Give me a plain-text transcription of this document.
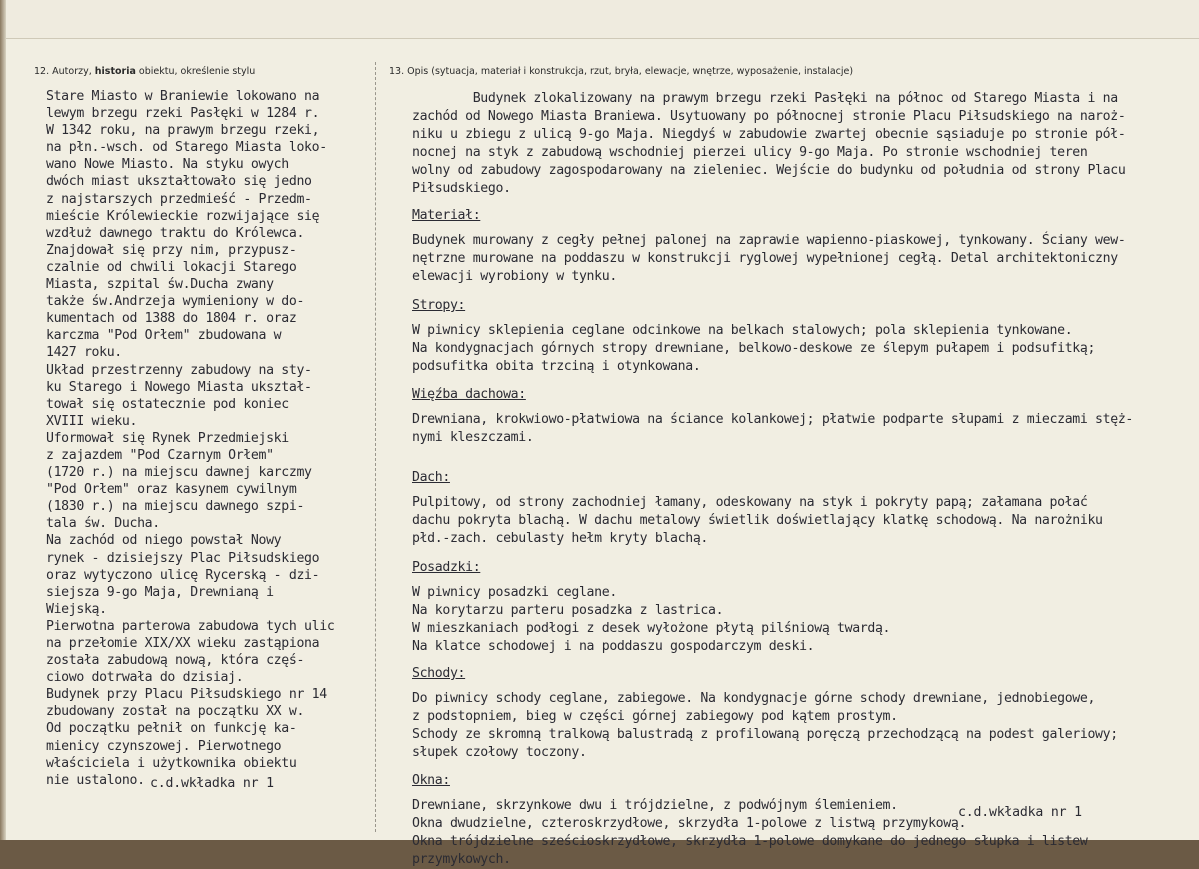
12. Autorzy, historia obiektu, określenie stylu	13. Opis (sytuacja, materiał i konstrukcja, rzut, bryła, elewacje, wnętrze, wyposażenie, instalacje)
Stare Miasto w Braniewie lokowano na
lewym brzegu rzeki Pasłęki w 1284 r.
W 1342 roku, na prawym brzegu rzeki,
na płn.-wsch. od Starego Miasta loko-
wano Nowe Miasto. Na styku owych
dwóch miast ukształtowało się jedno
z najstarszych przedmieść - Przedm-
mieście Królewieckie rozwijające się
wzdłuż dawnego traktu do Królewca.
Znajdował się przy nim, przypusz-
czalnie od chwili lokacji Starego
Miasta, szpital św.Ducha zwany
także św.Andrzeja wymieniony w do-
kumentach od 1388 do 1804 r. oraz
karczma "Pod Orłem" zbudowana w
1427 roku.
Układ przestrzenny zabudowy na sty-
ku Starego i Nowego Miasta ukształ-
tował się ostatecznie pod koniec
XVIII wieku.
Uformował się Rynek Przedmiejski
z zajazdem "Pod Czarnym Orłem"
(1720 r.) na miejscu dawnej karczmy
"Pod Orłem" oraz kasynem cywilnym
(1830 r.) na miejscu dawnego szpi-
tala św. Ducha.
Na zachód od niego powstał Nowy
rynek - dzisiejszy Plac Piłsudskiego
oraz wytyczono ulicę Rycerską - dzi-
siejsza 9-go Maja, Drewnianą i
Wiejską.
Pierwotna parterowa zabudowa tych ulic
na przełomie XIX/XX wieku zastąpiona
została zabudową nową, która częś-
ciowo dotrwała do dzisiaj.
Budynek przy Placu Piłsudskiego nr 14
zbudowany został na początku XX w.
Od początku pełnił on funkcję ka-
mienicy czynszowej. Pierwotnego
właściciela i użytkownika obiektu
nie ustalono. c.d.wkładka nr 1
Budynek zlokalizowany na prawym brzegu rzeki Pasłęki na północ od Starego Miasta i na
zachód od Nowego Miasta Braniewa. Usytuowany po północnej stronie Placu Piłsudskiego na naroż-
niku u zbiegu z ulicą 9-go Maja. Niegdyś w zabudowie zwartej obecnie sąsiaduje po stronie pół-
nocnej na styk z zabudową wschodniej pierzei ulicy 9-go Maja. Po stronie wschodniej teren
wolny od zabudowy zagospodarowany na zieleniec. Wejście do budynku od południa od strony Placu
Piłsudskiego.
Materiał:
Budynek murowany z cegły pełnej palonej na zaprawie wapienno-piaskowej, tynkowany. Ściany wew-
nętrzne murowane na poddaszu w konstrukcji ryglowej wypełnionej cegłą. Detal architektoniczny
elewacji wyrobiony w tynku.
Stropy:
W piwnicy sklepienia ceglane odcinkowe na belkach stalowych; pola sklepienia tynkowane.
Na kondygnacjach górnych stropy drewniane, belkowo-deskowe ze ślepym pułapem i podsufitką;
podsufitka obita trzciną i otynkowana.
Więźba dachowa:
Drewniana, krokwiowo-płatwiowa na ściance kolankowej; płatwie podparte słupami z mieczami stęż-
nymi kleszczami.
Dach:
Pulpitowy, od strony zachodniej łamany, odeskowany na styk i pokryty papą; załamana połać
dachu pokryta blachą. W dachu metalowy świetlik doświetlający klatkę schodową. Na narożniku
płd.-zach. cebulasty hełm kryty blachą.
Posadzki:
W piwnicy posadzki ceglane.
Na korytarzu parteru posadzka z lastrica.
W mieszkaniach podłogi z desek wyłożone płytą pilśniową twardą.
Na klatce schodowej i na poddaszu gospodarczym deski.
Schody:
Do piwnicy schody ceglane, zabiegowe. Na kondygnacje górne schody drewniane, jednobiegowe,
z podstopniem, bieg w części górnej zabiegowy pod kątem prostym.
Schody ze skromną tralkową balustradą z profilowaną poręczą przechodzącą na podest galeriowy;
słupek czołowy toczony.
Okna:
Drewniane, skrzynkowe dwu i trójdzielne, z podwójnym ślemieniem.
Okna dwudzielne, czteroskrzydłowe, skrzydła 1-polowe z listwą przymykową.
Okna trójdzielne sześcioskrzydłowe, skrzydła 1-polowe domykane do jednego słupka i listew
przymykowych.
c.d.wkładka nr 1
